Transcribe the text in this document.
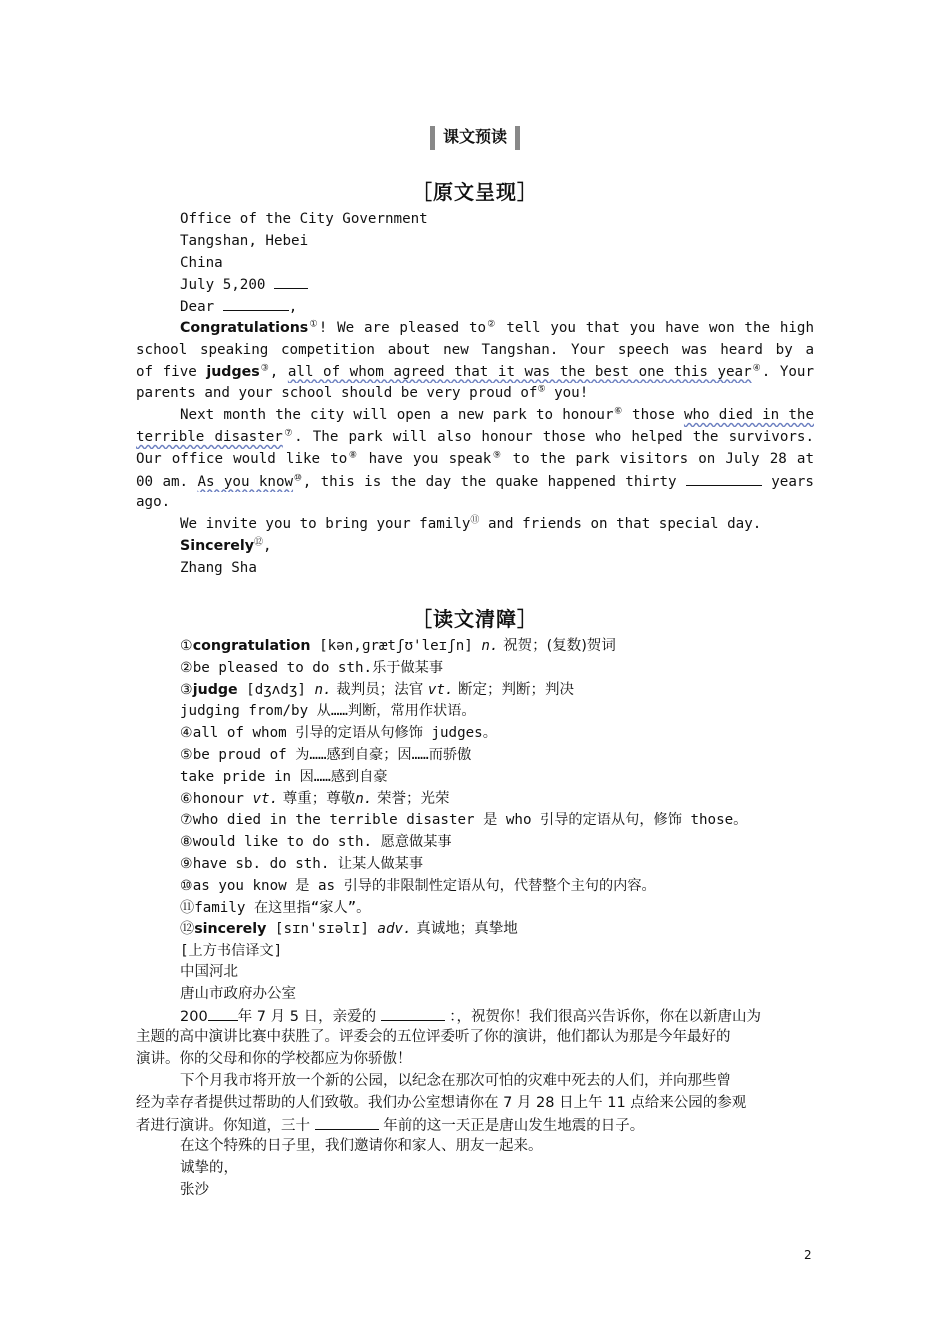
课文预读
［原文呈现］
Office of the City Government
Tangshan, Hebei
China
July 5,200
Dear	,
Congratulations①! We are pleased to② tell you that you have won the high
school speaking competition about new Tangshan. Your speech was heard by a
of five judges③, all of whom agreed that it was the best one this year④. Your
parents and your school should be very proud of⑤ you!
Next month the city will open a new park to honour⑥ those who died in the
terrible disaster⑦. The park will also honour those who helped the survivors.
Our office would like to⑧ have you speak⑨ to the park visitors on July 28 at
00 am. As you know⑩, this is the day the quake happened thirty	years
ago.
We invite you to bring your family⑪ and friends on that special day.
Sincerely⑫,
Zhang Sha
［读文清障］
①congratulation [kən,ɡrætʃʊ'leɪʃn] n. 祝贺；(复数)贺词
②be pleased to do sth.乐于做某事
③judge [dʒʌdʒ] n. 裁判员；法官 vt. 断定；判断；判决
judging from/by 从……判断，常用作状语。
④all of whom 引导的定语从句修饰 judges。
⑤be proud of 为……感到自豪；因……而骄傲
take pride in 因……感到自豪
⑥honour vt. 尊重；尊敬n. 荣誉；光荣
⑦who died in the terrible disaster 是 who 引导的定语从句，修饰 those。
⑧would like to do sth. 愿意做某事
⑨have sb. do sth. 让某人做某事
⑩as you know 是 as 引导的非限制性定语从句，代替整个主句的内容。
⑪family 在这里指“家人”。
⑫sincerely [sɪn'sɪəlɪ] adv. 真诚地；真挚地
[上方书信译文]
中国河北
唐山市政府办公室
200 年 7 月 5 日，亲爱的	：，祝贺你！我们很高兴告诉你，你在以新唐山为
主题的高中演讲比赛中获胜了。评委会的五位评委听了你的演讲，他们都认为那是今年最好的
演讲。你的父母和你的学校都应为你骄傲！
下个月我市将开放一个新的公园，以纪念在那次可怕的灾难中死去的人们，并向那些曾
经为幸存者提供过帮助的人们致敬。我们办公室想请你在 7 月 28 日上午 11 点给来公园的参观
者进行演讲。你知道，三十	年前的这一天正是唐山发生地震的日子。
在这个特殊的日子里，我们邀请你和家人、朋友一起来。
诚挚的，
张沙
2
